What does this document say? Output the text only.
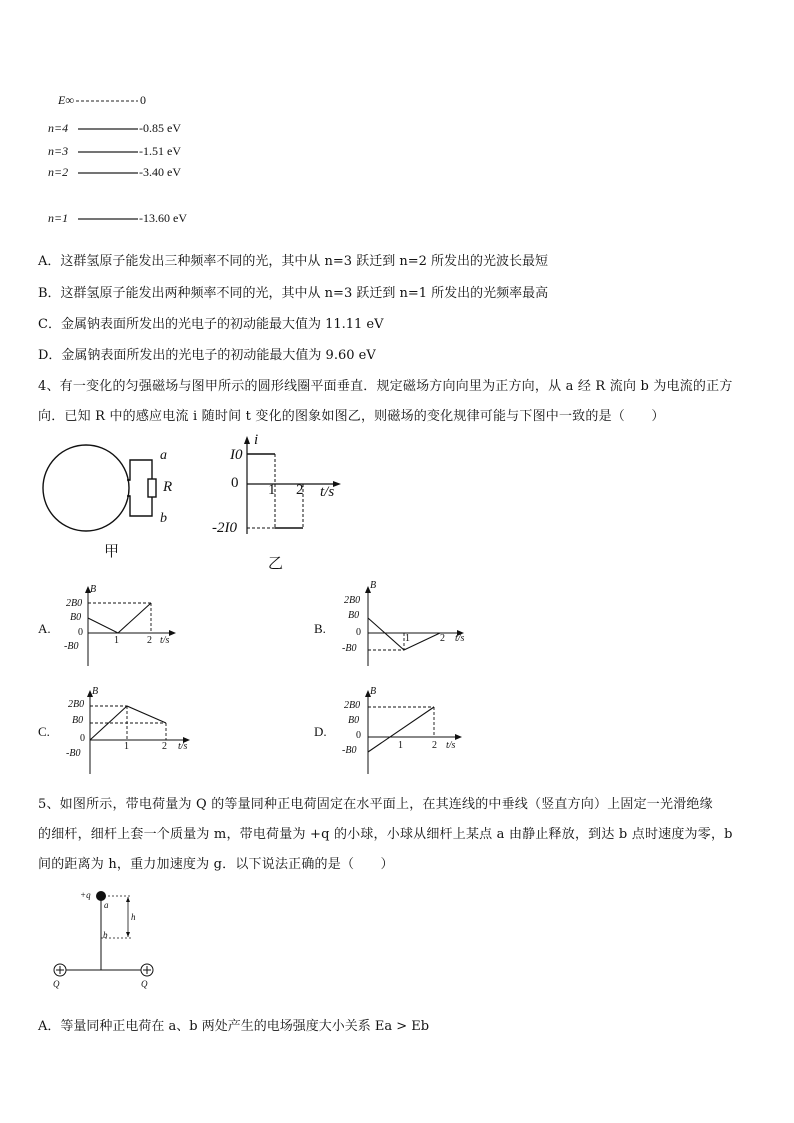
E∞	0
n=4	-0.85 eV
n=3	-1.51 eV
n=2	-3.40 eV
n=1	-13.60 eV
A．这群氢原子能发出三种频率不同的光，其中从 n=3 跃迁到 n=2 所发出的光波长最短
B．这群氢原子能发出两种频率不同的光，其中从 n=3 跃迁到 n=1 所发出的光频率最高
C．金属钠表面所发出的光电子的初动能最大值为 11.11 eV
D．金属钠表面所发出的光电子的初动能最大值为 9.60 eV
4、有一变化的匀强磁场与图甲所示的圆形线圈平面垂直．规定磁场方向向里为正方向，从 a 经 R 流向 b 为电流的正方
向．已知 R 中的感应电流 i 随时间 t 变化的图象如图乙，则磁场的变化规律可能与下图中一致的是（　　）
a
R
b
甲
i
I0
0 1 2 t/s
-2I0
乙
A.
B
2B0
B0
0
-B0
1	2 t/s
B.
B
2B0
B0
0
-B0
1	2 t/s
C.
B
2B0
B0
0
-B0
1	2 t/s
D.
B
2B0
B0
0
-B0	1	2 t/s
5、如图所示，带电荷量为 Q 的等量同种正电荷固定在水平面上，在其连线的中垂线（竖直方向）上固定一光滑绝缘
的细杆，细杆上套一个质量为 m，带电荷量为 +q 的小球，小球从细杆上某点 a 由静止释放，到达 b 点时速度为零，b
间的距离为 h，重力加速度为 g．以下说法正确的是（　　）
+q
a
h
b
Q	Q
A．等量同种正电荷在 a、b 两处产生的电场强度大小关系 Ea > Eb
